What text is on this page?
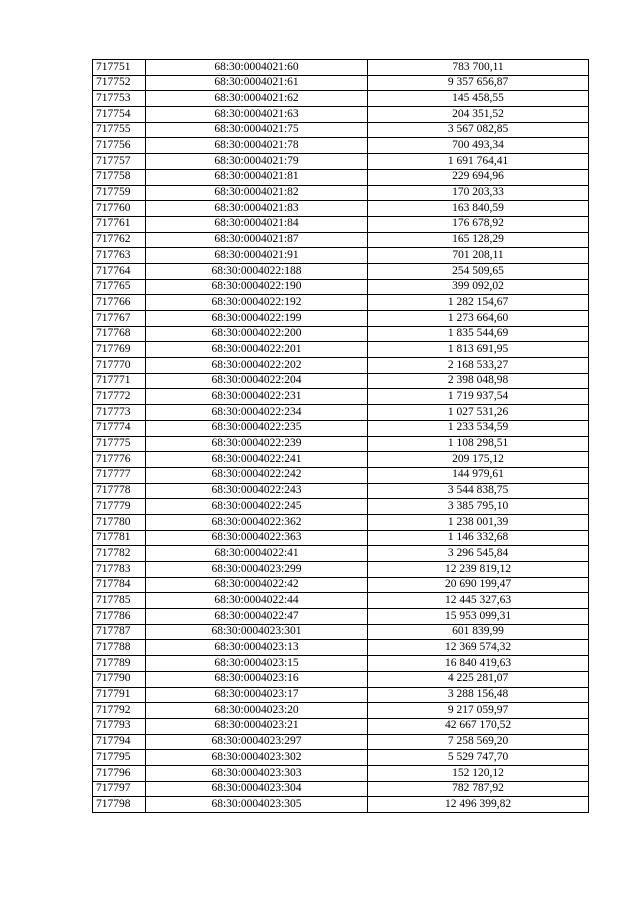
717751	68:30:0004021:60	783 700,11
717752	68:30:0004021:61	9 357 656,87
717753	68:30:0004021:62	145 458,55
717754	68:30:0004021:63	204 351,52
717755	68:30:0004021:75	3 567 082,85
717756	68:30:0004021:78	700 493,34
717757	68:30:0004021:79	1 691 764,41
717758	68:30:0004021:81	229 694,96
717759	68:30:0004021:82	170 203,33
717760	68:30:0004021:83	163 840,59
717761	68:30:0004021:84	176 678,92
717762	68:30:0004021:87	165 128,29
717763	68:30:0004021:91	701 208,11
717764	68:30:0004022:188	254 509,65
717765	68:30:0004022:190	399 092,02
717766	68:30:0004022:192	1 282 154,67
717767	68:30:0004022:199	1 273 664,60
717768	68:30:0004022:200	1 835 544,69
717769	68:30:0004022:201	1 813 691,95
717770	68:30:0004022:202	2 168 533,27
717771	68:30:0004022:204	2 398 048,98
717772	68:30:0004022:231	1 719 937,54
717773	68:30:0004022:234	1 027 531,26
717774	68:30:0004022:235	1 233 534,59
717775	68:30:0004022:239	1 108 298,51
717776	68:30:0004022:241	209 175,12
717777	68:30:0004022:242	144 979,61
717778	68:30:0004022:243	3 544 838,75
717779	68:30:0004022:245	3 385 795,10
717780	68:30:0004022:362	1 238 001,39
717781	68:30:0004022:363	1 146 332,68
717782	68:30:0004022:41	3 296 545,84
717783	68:30:0004023:299	12 239 819,12
717784	68:30:0004022:42	20 690 199,47
717785	68:30:0004022:44	12 445 327,63
717786	68:30:0004022:47	15 953 099,31
717787	68:30:0004023:301	601 839,99
717788	68:30:0004023:13	12 369 574,32
717789	68:30:0004023:15	16 840 419,63
717790	68:30:0004023:16	4 225 281,07
717791	68:30:0004023:17	3 288 156,48
717792	68:30:0004023:20	9 217 059,97
717793	68:30:0004023:21	42 667 170,52
717794	68:30:0004023:297	7 258 569,20
717795	68:30:0004023:302	5 529 747,70
717796	68:30:0004023:303	152 120,12
717797	68:30:0004023:304	782 787,92
717798	68:30:0004023:305	12 496 399,82
